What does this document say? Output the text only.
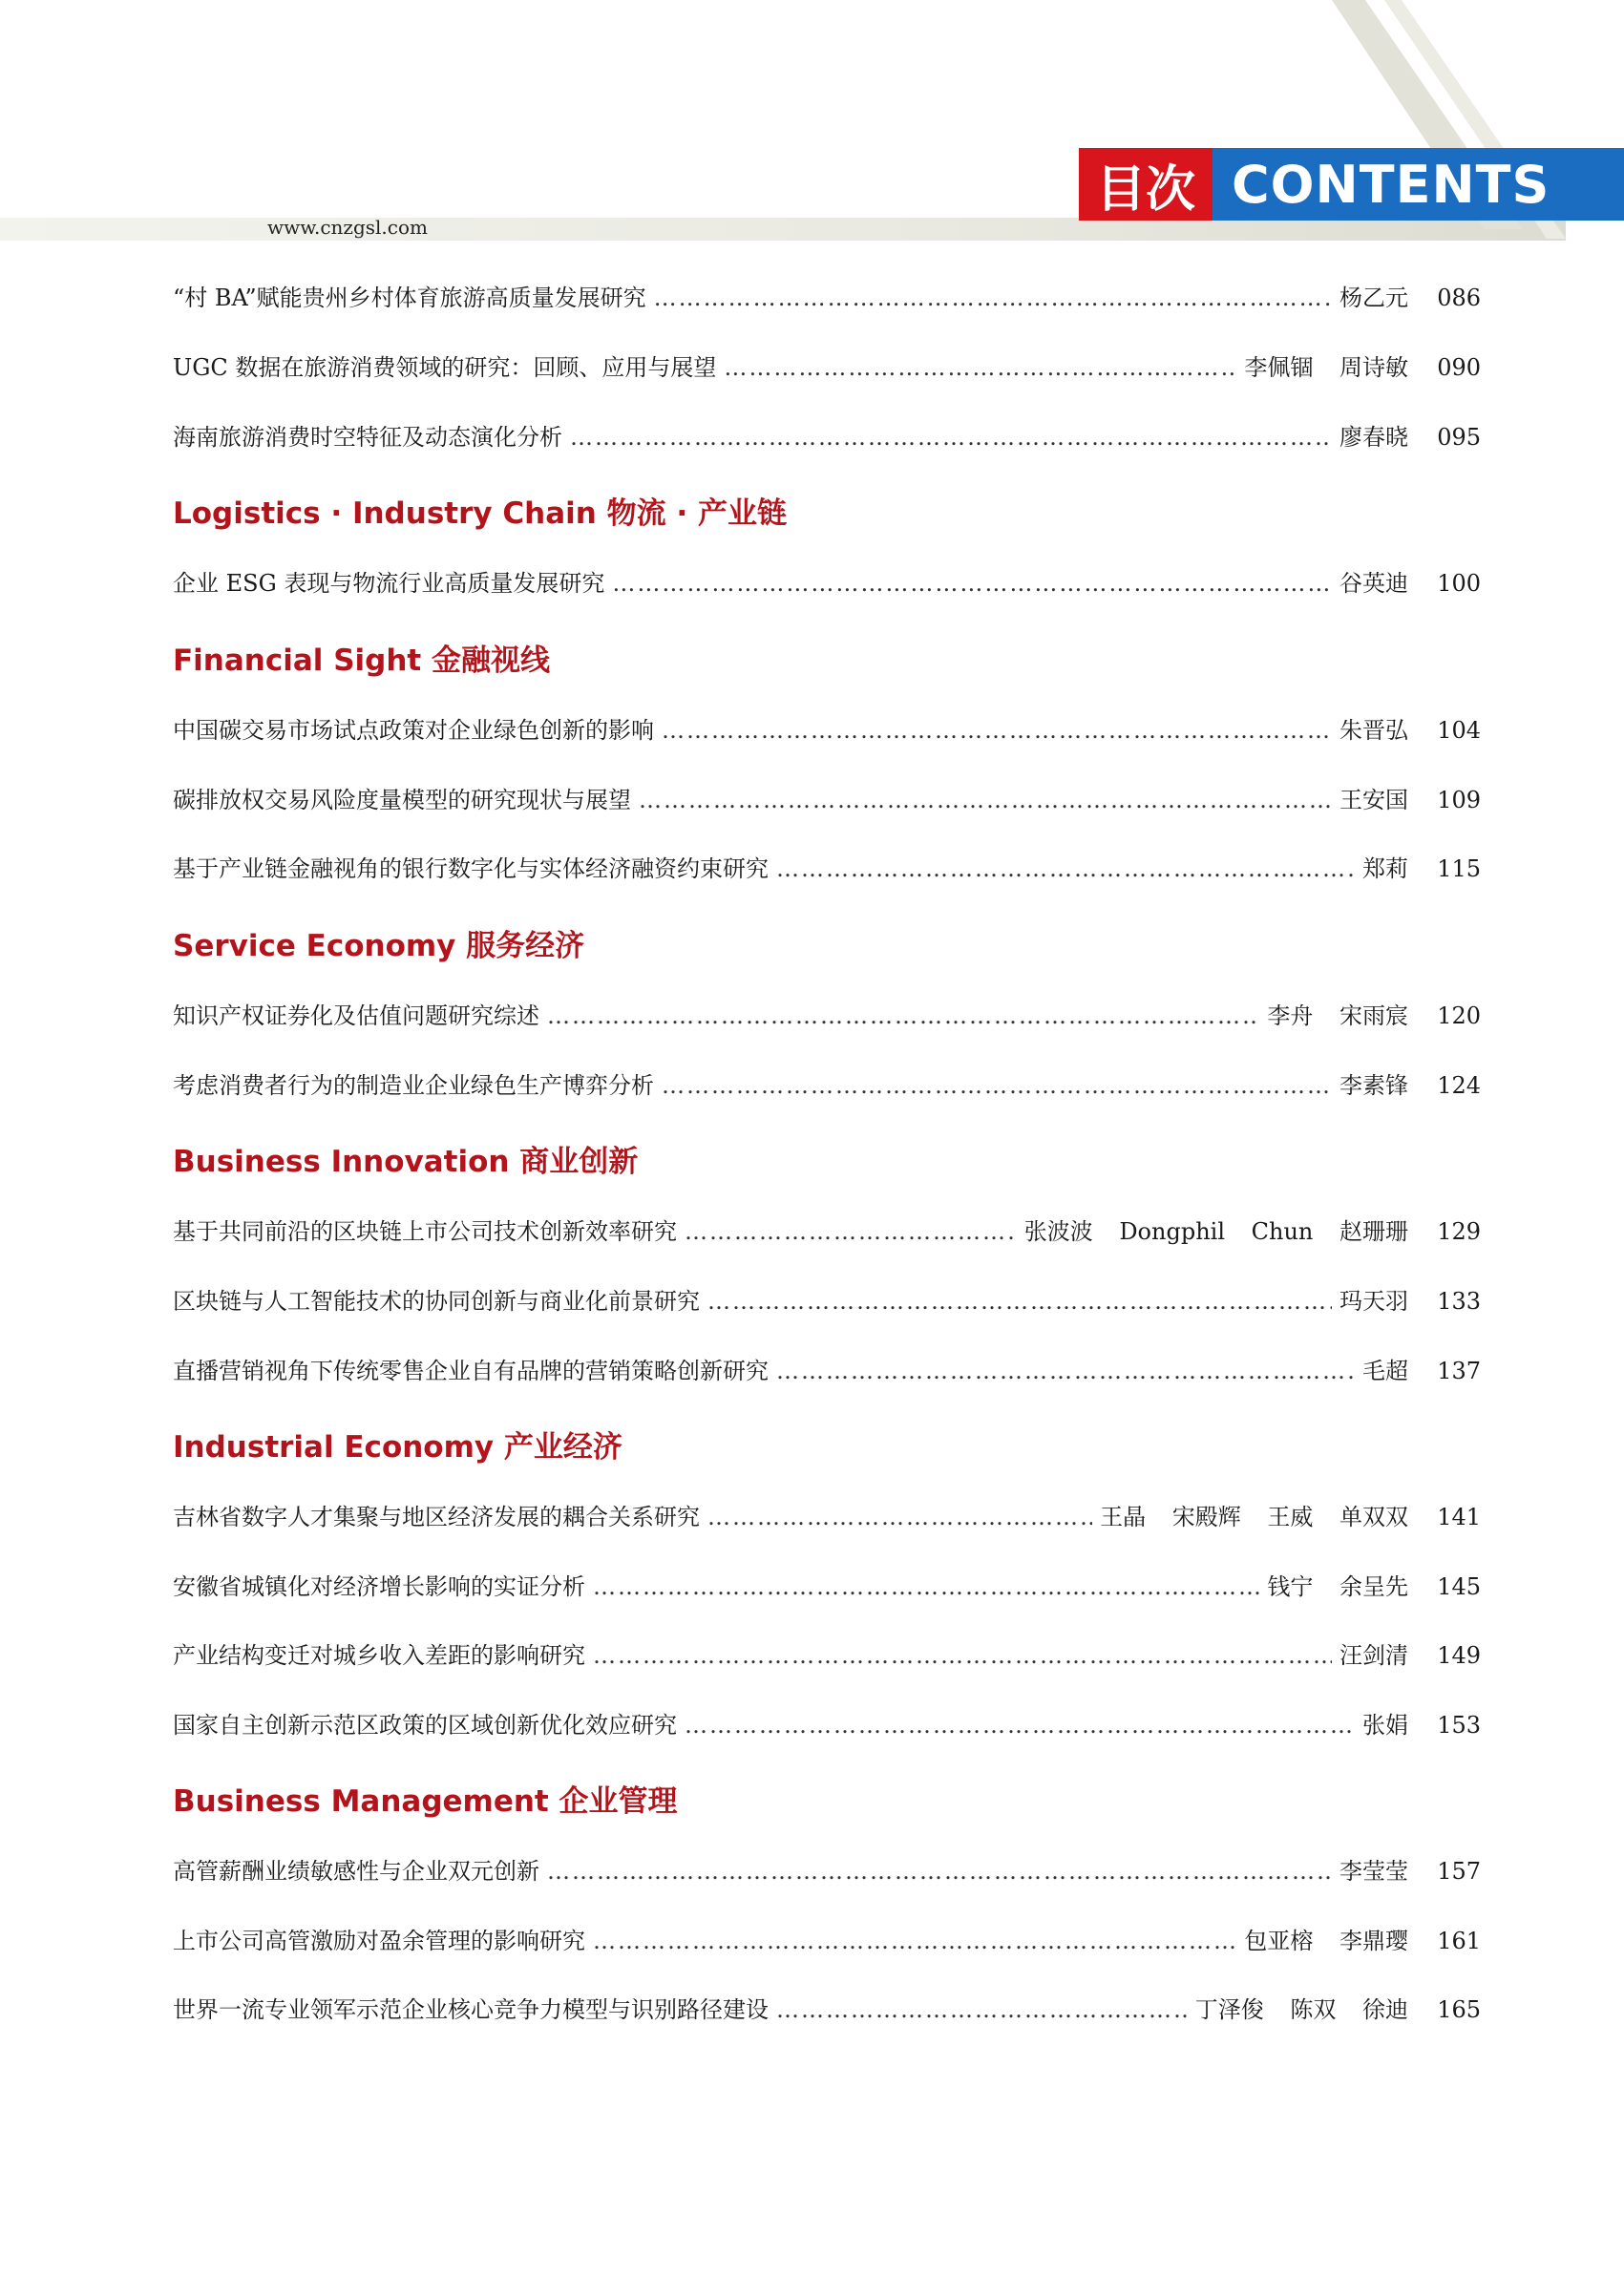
目次 CONTENTS
www.cnzgsl.com
“村 BA”赋能贵州乡村体育旅游高质量发展研究 ………………………………………………………………………………………………………………………………………………………………………………………………	杨乙元 086
UGC 数据在旅游消费领域的研究：回顾、应用与展望 ………………………………………………………………………………………………………………………………………………………………………………………………	李佩锢 周诗敏 090
海南旅游消费时空特征及动态演化分析 ………………………………………………………………………………………………………………………………………………………………………………………………	廖春晓 095
Logistics · Industry Chain 物流 · 产业链
企业 ESG 表现与物流行业高质量发展研究 ………………………………………………………………………………………………………………………………………………………………………………………………	谷英迪 100
Financial Sight 金融视线
中国碳交易市场试点政策对企业绿色创新的影响 ………………………………………………………………………………………………………………………………………………………………………………………………	朱晋弘 104
碳排放权交易风险度量模型的研究现状与展望 ………………………………………………………………………………………………………………………………………………………………………………………………	王安国 109
基于产业链金融视角的银行数字化与实体经济融资约束研究 ………………………………………………………………………………………………………………………………………………………………………………………………	郑莉 115
Service Economy 服务经济
知识产权证券化及估值问题研究综述 ………………………………………………………………………………………………………………………………………………………………………………………………	李舟 宋雨宸 120
考虑消费者行为的制造业企业绿色生产博弈分析 ………………………………………………………………………………………………………………………………………………………………………………………………	李素锋 124
Business Innovation 商业创新
基于共同前沿的区块链上市公司技术创新效率研究 ………………………………………………………………………………………………………………………………………………………………………………………………	张波波 Dongphil Chun 赵珊珊 129
区块链与人工智能技术的协同创新与商业化前景研究 ………………………………………………………………………………………………………………………………………………………………………………………………	玛天羽 133
直播营销视角下传统零售企业自有品牌的营销策略创新研究 ………………………………………………………………………………………………………………………………………………………………………………………………	毛超 137
Industrial Economy 产业经济
吉林省数字人才集聚与地区经济发展的耦合关系研究 ………………………………………………………………………………………………………………………………………………………………………………………………	王晶 宋殿辉 王威 单双双 141
安徽省城镇化对经济增长影响的实证分析 ………………………………………………………………………………………………………………………………………………………………………………………………	钱宁 余呈先 145
产业结构变迁对城乡收入差距的影响研究 ………………………………………………………………………………………………………………………………………………………………………………………………	汪剑清 149
国家自主创新示范区政策的区域创新优化效应研究 ………………………………………………………………………………………………………………………………………………………………………………………………	张娟 153
Business Management 企业管理
高管薪酬业绩敏感性与企业双元创新 ………………………………………………………………………………………………………………………………………………………………………………………………	李莹莹 157
上市公司高管激励对盈余管理的影响研究 ………………………………………………………………………………………………………………………………………………………………………………………………	包亚榕 李鼎璎 161
世界一流专业领军示范企业核心竞争力模型与识别路径建设 ………………………………………………………………………………………………………………………………………………………………………………………………	丁泽俊 陈双 徐迪 165
